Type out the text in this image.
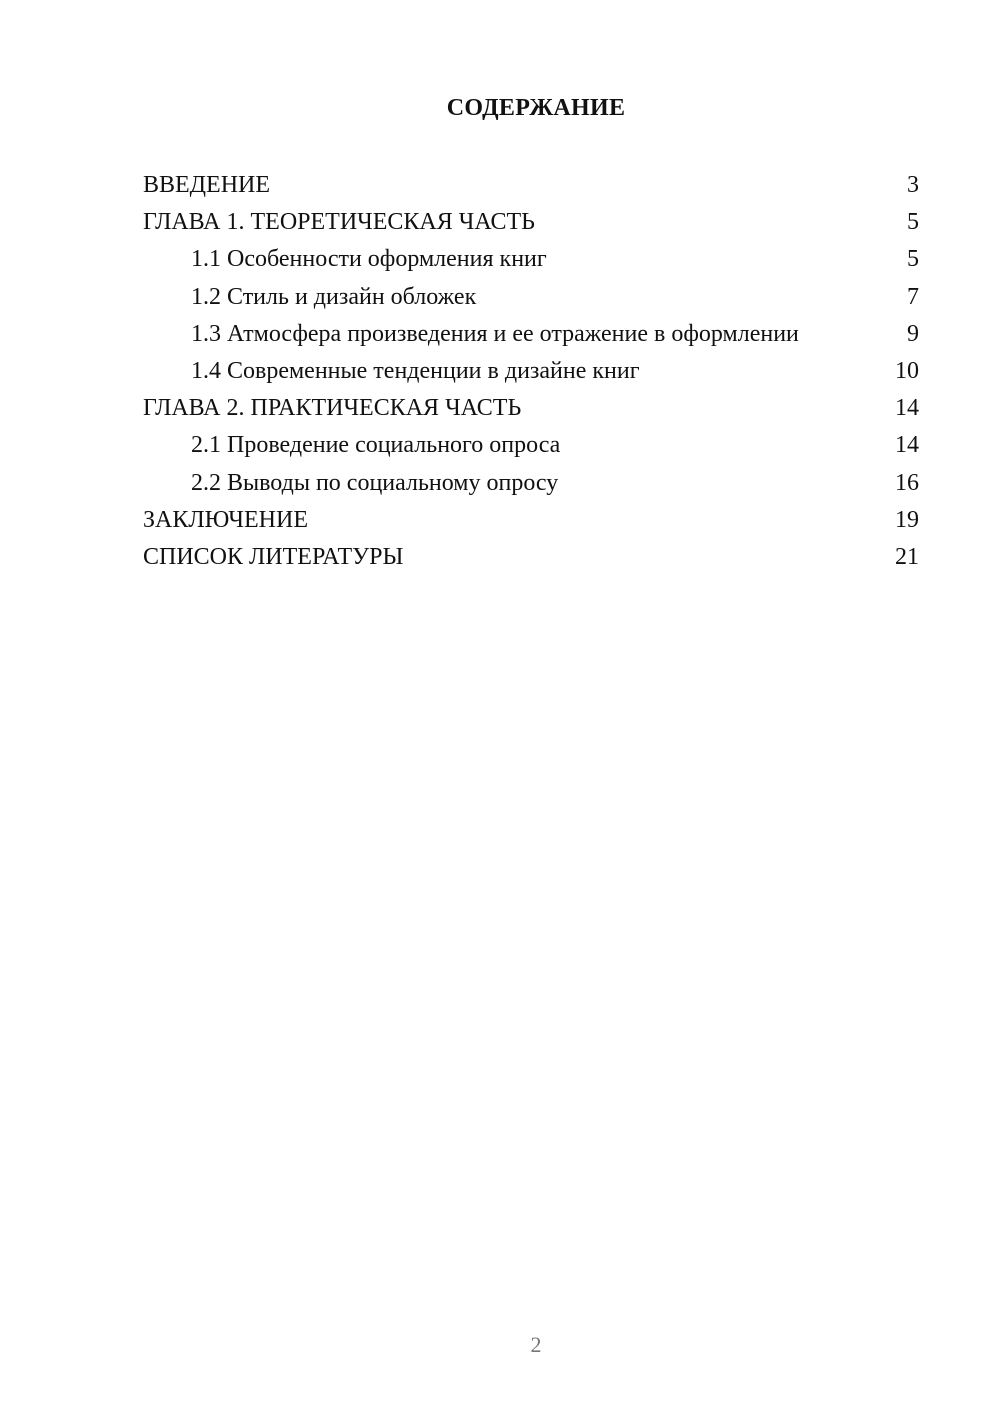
СОДЕРЖАНИЕ
ВВЕДЕНИЕ	3
ГЛАВА 1. ТЕОРЕТИЧЕСКАЯ ЧАСТЬ	5
1.1 Особенности оформления книг	5
1.2 Стиль и дизайн обложек	7
1.3 Атмосфера произведения и ее отражение в оформлении	9
1.4 Современные тенденции в дизайне книг	10
ГЛАВА 2. ПРАКТИЧЕСКАЯ ЧАСТЬ	14
2.1 Проведение социального опроса	14
2.2 Выводы по социальному опросу	16
ЗАКЛЮЧЕНИЕ	19
СПИСОК ЛИТЕРАТУРЫ	21
2
